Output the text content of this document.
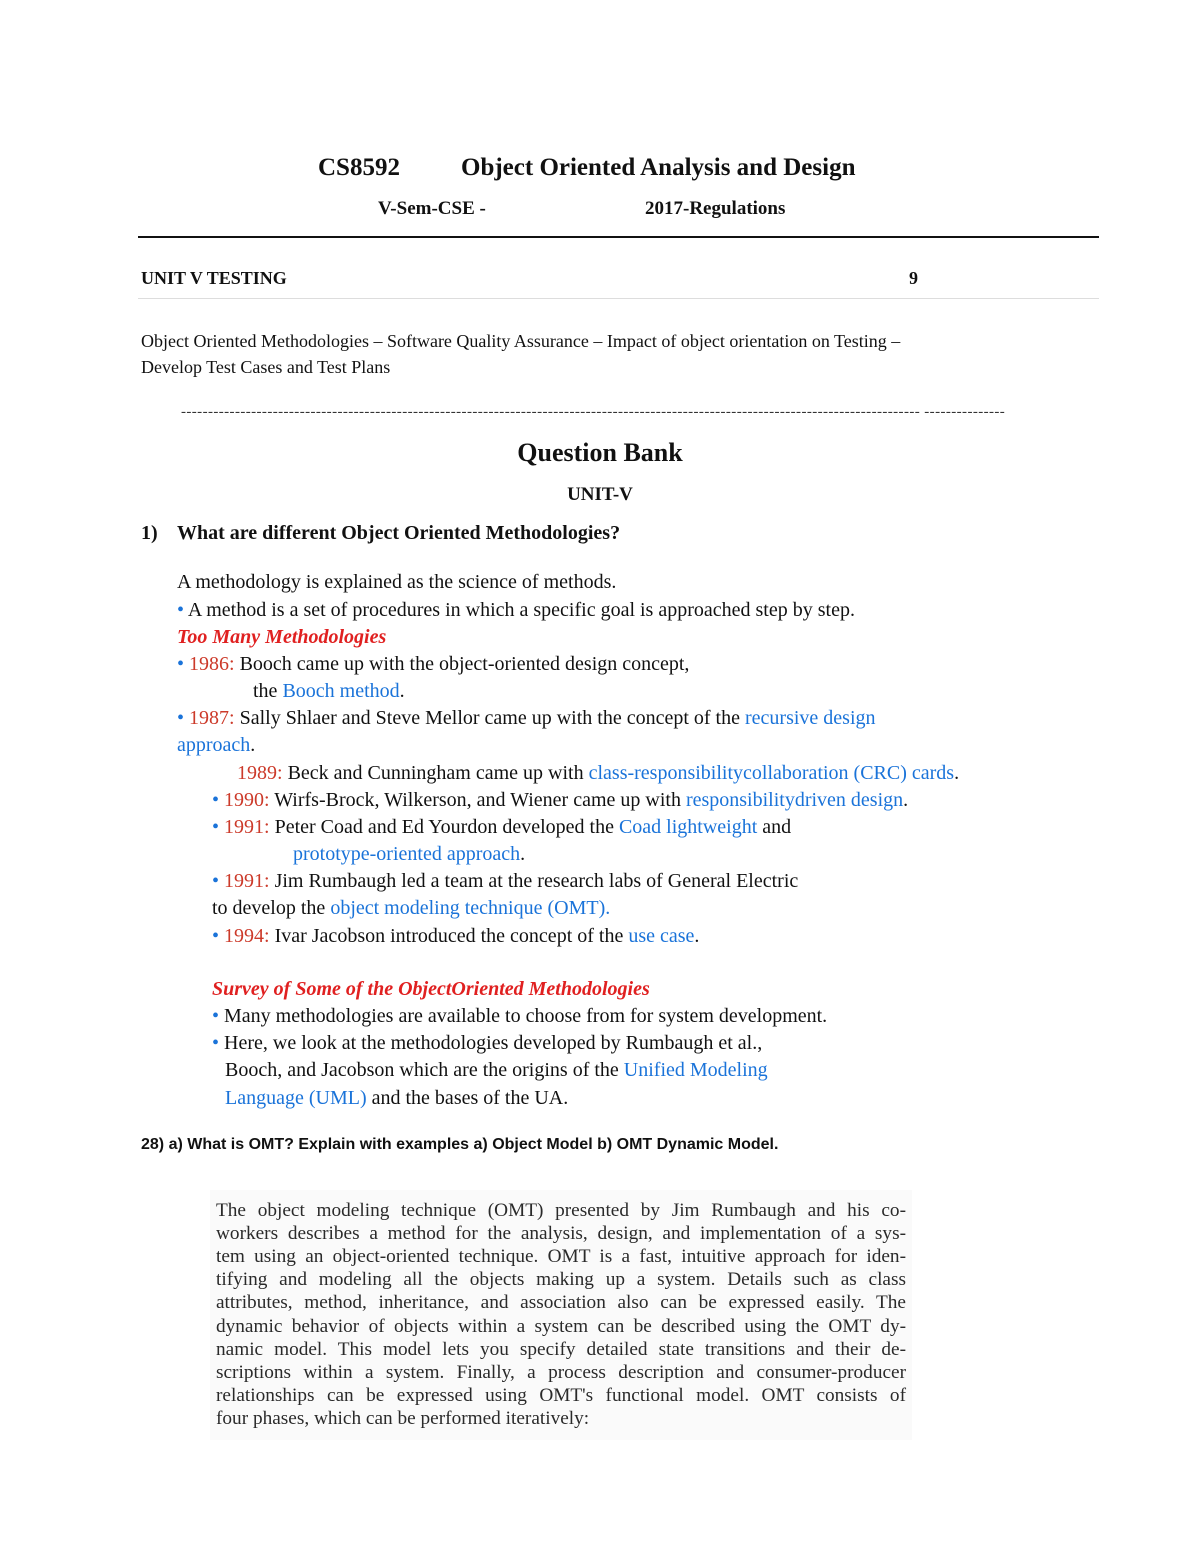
CS8592 Object Oriented Analysis and Design
V-Sem-CSE -	2017-Regulations
UNIT V TESTING	9
Object Oriented Methodologies – Software Quality Assurance – Impact of object orientation on Testing –
Develop Test Cases and Test Plans
----------------------------------------------------------------------------------------------------------------------------------------- ---------------
Question Bank
UNIT-V
1) What are different Object Oriented Methodologies?
A methodology is explained as the science of methods.
• A method is a set of procedures in which a specific goal is approached step by step.
Too Many Methodologies
• 1986: Booch came up with the object-oriented design concept,
the Booch method.
• 1987: Sally Shlaer and Steve Mellor came up with the concept of the recursive design
approach.
1989: Beck and Cunningham came up with class-responsibilitycollaboration (CRC) cards.
• 1990: Wirfs-Brock, Wilkerson, and Wiener came up with responsibilitydriven design.
• 1991: Peter Coad and Ed Yourdon developed the Coad lightweight and
prototype-oriented approach.
• 1991: Jim Rumbaugh led a team at the research labs of General Electric
to develop the object modeling technique (OMT).
• 1994: Ivar Jacobson introduced the concept of the use case.
Survey of Some of the ObjectOriented Methodologies
• Many methodologies are available to choose from for system development.
• Here, we look at the methodologies developed by Rumbaugh et al.,
Booch, and Jacobson which are the origins of the Unified Modeling
Language (UML) and the bases of the UA.
28) a) What is OMT? Explain with examples a) Object Model b) OMT Dynamic Model.
The object modeling technique (OMT) presented by Jim Rumbaugh and his co-
workers describes a method for the analysis, design, and implementation of a sys-
tem using an object-oriented technique. OMT is a fast, intuitive approach for iden-
tifying and modeling all the objects making up a system. Details such as class
attributes, method, inheritance, and association also can be expressed easily. The
dynamic behavior of objects within a system can be described using the OMT dy-
namic model. This model lets you specify detailed state transitions and their de-
scriptions within a system. Finally, a process description and consumer-producer
relationships can be expressed using OMT's functional model. OMT consists of
four phases, which can be performed iteratively:
